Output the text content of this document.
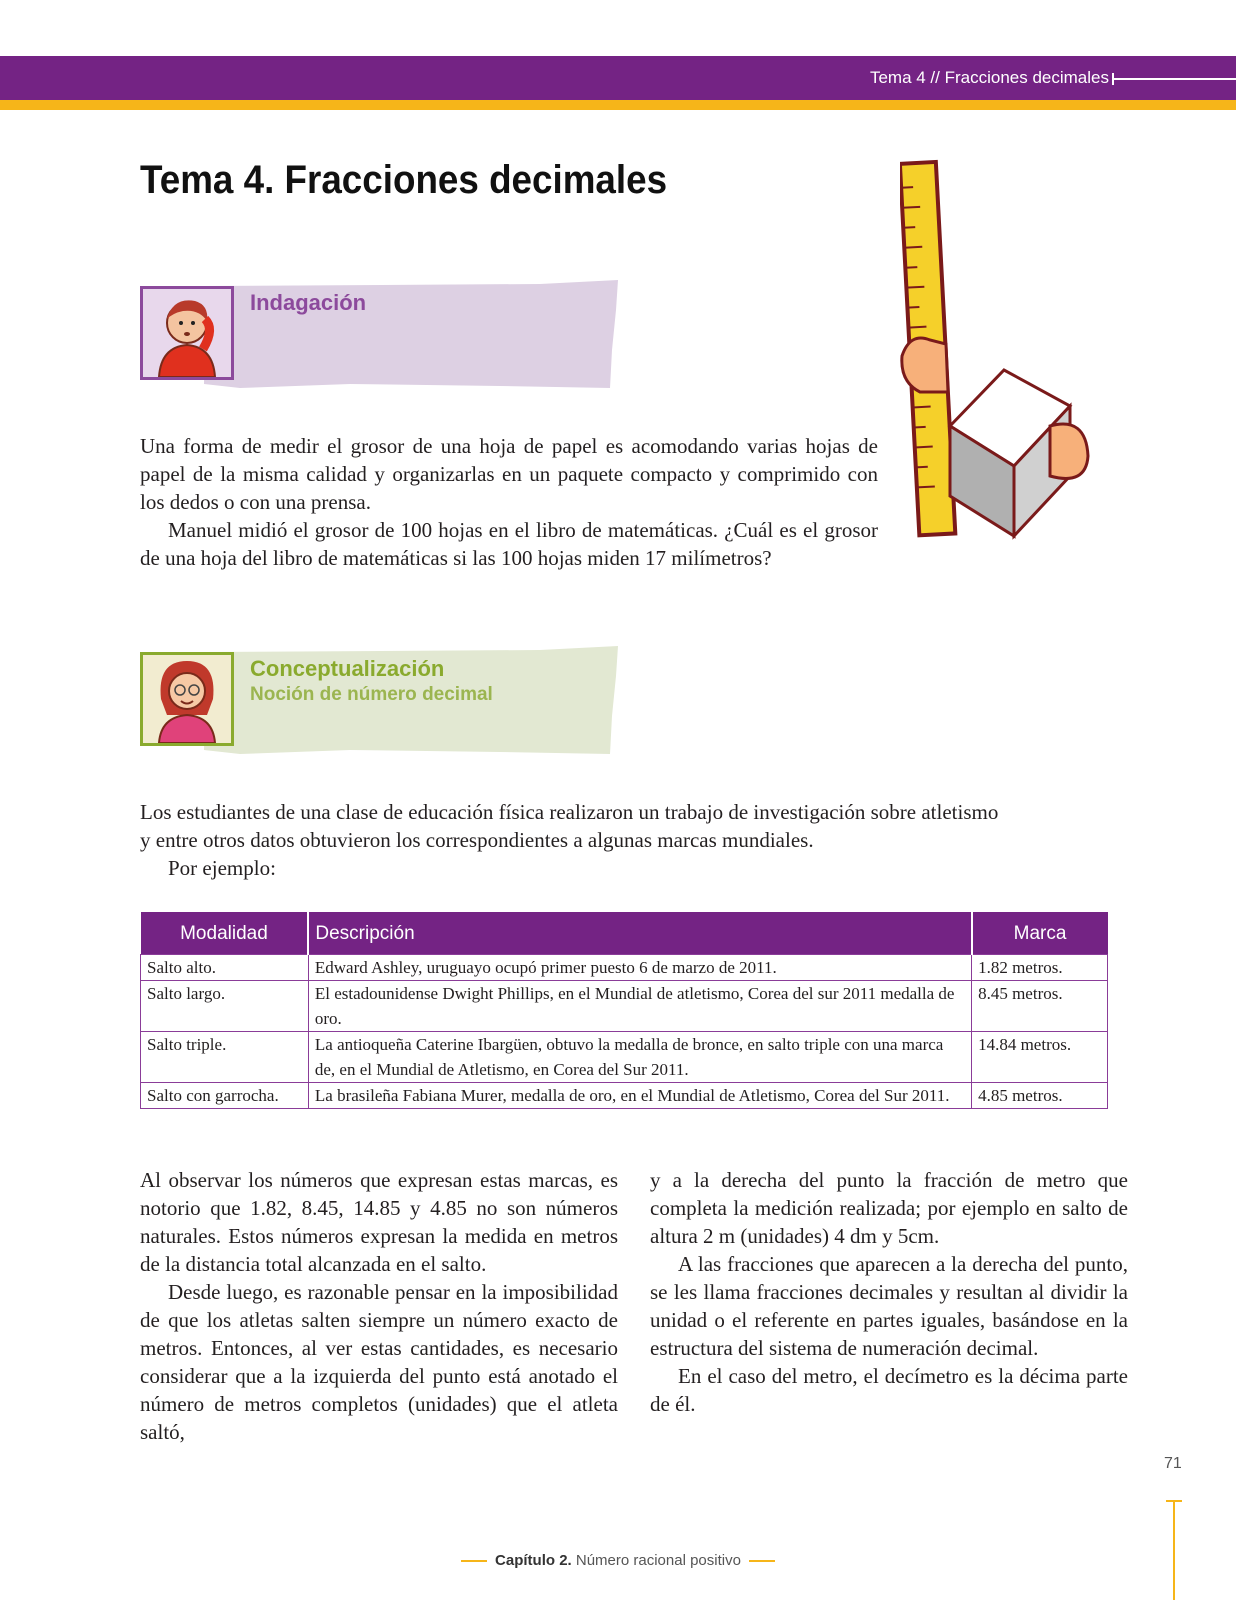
Tema 4 // Fracciones decimales
Tema 4. Fracciones decimales
Indagación
Una forma de medir el grosor de una hoja de papel es acomodando varias hojas de papel de la misma calidad y organizarlas en un paquete compacto y comprimido con los dedos o con una prensa.
Manuel midió el grosor de 100 hojas en el libro de matemáticas. ¿Cuál es el grosor de una hoja del libro de matemáticas si las 100 hojas miden 17 milímetros?
Conceptualización
Noción de número decimal
Los estudiantes de una clase de educación física realizaron un trabajo de investigación sobre atletismo y entre otros datos obtuvieron los correspondientes a algunas marcas mundiales.
Por ejemplo:
Modalidad	Descripción	Marca
Salto alto.	Edward Ashley, uruguayo ocupó primer puesto 6 de marzo de 2011.	1.82 metros.
Salto largo.	El estadounidense Dwight Phillips, en el Mundial de atletismo, Corea del sur 2011 medalla de oro.	8.45 metros.
Salto triple.	La antioqueña Caterine Ibargüen, obtuvo la medalla de bronce, en salto triple con una marca de, en el Mundial de Atletismo, en Corea del Sur 2011.	14.84 metros.
Salto con garrocha.	La brasileña Fabiana Murer, medalla de oro, en el Mundial de Atletismo, Corea del Sur 2011.	4.85 metros.

Al observar los números que expresan estas marcas, es notorio que 1.82, 8.45, 14.85 y 4.85 no son números naturales. Estos números expresan la medida en metros de la distancia total alcanzada en el salto.

Desde luego, es razonable pensar en la imposibilidad de que los atletas salten siempre un número exacto de metros. Entonces, al ver estas cantidades, es necesario considerar que a la izquierda del punto está anotado el número de metros completos (unidades) que el atleta saltó,

y a la derecha del punto la fracción de metro que completa la medición realizada; por ejemplo en salto de altura 2 m (unidades) 4 dm y 5cm.

A las fracciones que aparecen a la derecha del punto, se les llama fracciones decimales y resultan al dividir la unidad o el referente en partes iguales, basándose en la estructura del sistema de numeración decimal.

En el caso del metro, el decímetro es la décima parte de él.

71
Capítulo 2. Número racional positivo
